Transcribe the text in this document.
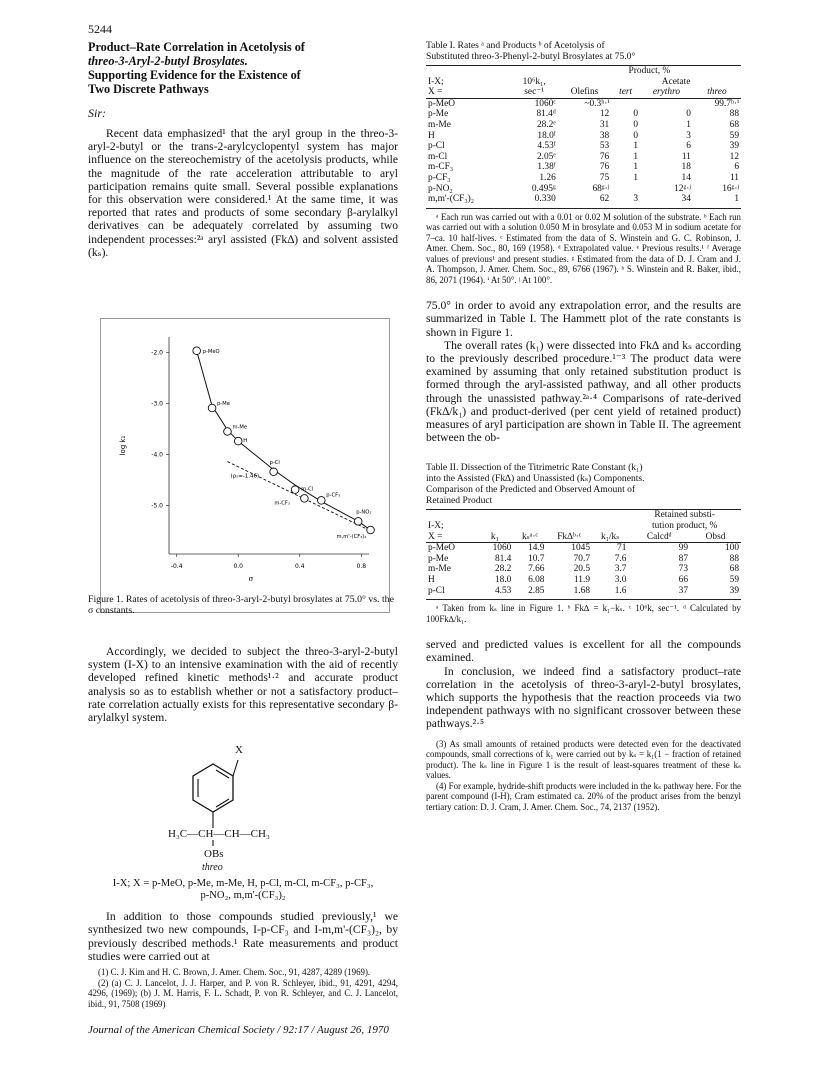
5244
Product–Rate Correlation in Acetolysis of
threo-3-Aryl-2-butyl Brosylates.
Supporting Evidence for the Existence of
Two Discrete Pathways
Sir:

Recent data emphasized¹ that the aryl group in the threo-3-aryl-2-butyl or the trans-2-arylcyclopentyl system has major influence on the stereochemistry of the acetolysis products, while the magnitude of the rate acceleration attributable to aryl participation remains quite small. Several possible explanations for this observation were considered.¹ At the same time, it was reported that rates and products of some secondary β-arylalkyl derivatives can be adequately correlated by assuming two independent processes:²ᵃ aryl assisted (Fk∆) and solvent assisted (kₛ).

-0.4	0.0	0.4	0.8
-2.0
-3.0
-4.0
-5.0
log k₁
σ
(ρₛ=-1.46)
p-MeO
p-Me
m-Me
H
p-Cl
m-Cl
p-CF₃
m-CF₃
p-NO₂
m,m'-(CF₃)₂
Figure 1. Rates of acetolysis of threo-3-aryl-2-butyl brosylates at 75.0° vs. the σ constants.

Accordingly, we decided to subject the threo-3-aryl-2-butyl system (I-X) to an intensive examination with the aid of recently developed refined kinetic methods¹·² and accurate product analysis so as to establish whether or not a satisfactory product–rate correlation actually exists for this representative secondary β-arylalkyl system.

X
H₃C—CH—CH—CH₃
OBs
threo
I-X; X = p-MeO, p-Me, m-Me, H, p-Cl, m-Cl, m-CF₃, p-CF₃,
p-NO₂, m,m'-(CF₃)₂

In addition to those compounds studied previously,¹ we synthesized two new compounds, I-p-CF₃ and I-m,m'-(CF₃)₂, by previously described methods.¹ Rate measurements and product studies were carried out at

(1) C. J. Kim and H. C. Brown, J. Amer. Chem. Soc., 91, 4287, 4289 (1969).

(2) (a) C. J. Lancelot, J. J. Harper, and P. von R. Schleyer, ibid., 91, 4291, 4294, 4296, (1969); (b) J. M. Harris, F. L. Schadt, P. von R. Schleyer, and C. J. Lancelot, ibid., 91, 7508 (1969)

Table I. Rates ᵃ and Products ᵇ of Acetolysis of
Substituted threo-3-Phenyl-2-butyl Brosylates at 75.0°
		Product, %			
I-X;	10⁶k₁,		Acetate		
X =	sec⁻¹	Olefins	tert	erythro	threo
p-MeO	1060ᶜ	~0.3ʰ·ⁱ			99.7ʰ·ⁱ
p-Me	81.4ᵈ	12	0	0	88
m-Me	28.2ᵉ	31	0	1	68
H	18.0ᶠ	38	0	3	59
p-Cl	4.53ᶠ	53	1	6	39
m-Cl	2.05ᵉ	76	1	11	12
m-CF₃	1.38ᶠ	76	1	18	6
p-CF₃	1.26	75	1	14	11
p-NO₂	0.495ᵍ	68ᵍ·ʲ		12ᵍ·ʲ	16ᵍ·ʲ
m,m'-(CF₃)₂	0.330	62	3	34	1

ᵃ Each run was carried out with a 0.01 or 0.02 M solution of the substrate. ᵇ Each run was carried out with a solution 0.050 M in brosylate and 0.053 M in sodium acetate for 7–ca. 10 half-lives. ᶜ Estimated from the data of S. Winstein and G. C. Robinson, J. Amer. Chem. Soc., 80, 169 (1958). ᵈ Extrapolated value. ᵉ Previous results.¹ ᶠ Average values of previous¹ and present studies. ᵍ Estimated from the data of D. J. Cram and J. A. Thompson, J. Amer. Chem. Soc., 89, 6766 (1967). ʰ S. Winstein and R. Baker, ibid., 86, 2071 (1964). ⁱ At 50°. ʲ At 100°.

75.0° in order to avoid any extrapolation error, and the results are summarized in Table I. The Hammett plot of the rate constants is shown in Figure 1.

The overall rates (k₁) were dissected into Fk∆ and kₛ according to the previously described procedure.¹⁻³ The product data were examined by assuming that only retained substitution product is formed through the aryl-assisted pathway, and all other products through the unassisted pathway.²ᵃ·⁴ Comparisons of rate-derived (Fk∆/k₁) and product-derived (per cent yield of retained product) measures of aryl participation are shown in Table II. The agreement between the ob-

Table II. Dissection of the Titrimetric Rate Constant (k₁)
into the Assisted (Fk∆) and Unassisted (kₛ) Components.
Comparison of the Predicted and Observed Amount of
Retained Product
					Retained substi-	
I-X;					tution product, %	
X =	k₁	kₛᵃ·ᶜ	Fk∆ᵇ·ᶜ	k₁/kₛ	Calcdᵈ	Obsd
p-MeO	1060	14.9	1045	71	99	100
p-Me	81.4	10.7	70.7	7.6	87	88
m-Me	28.2	7.66	20.5	3.7	73	68
H	18.0	6.08	11.9	3.0	66	59
p-Cl	4.53	2.85	1.68	1.6	37	39

ᵃ Taken from kₛ line in Figure 1. ᵇ Fk∆ = k₁−kₛ. ᶜ 10⁶k, sec⁻¹. ᵈ Calculated by 100Fk∆/k₁.

served and predicted values is excellent for all the compounds examined.

In conclusion, we indeed find a satisfactory product–rate correlation in the acetolysis of threo-3-aryl-2-butyl brosylates, which supports the hypothesis that the reaction proceeds via two independent pathways with no significant crossover between these pathways.²·⁵

(3) As small amounts of retained products were detected even for the deactivated compounds, small corrections of k₁ were carried out by kₛ = k₁(1 − fraction of retained product). The kₛ line in Figure 1 is the result of least-squares treatment of these kₛ values.

(4) For example, hydride-shift products were included in the kₛ pathway here. For the parent compound (I-H), Cram estimated ca. 20% of the product arises from the benzyl tertiary cation: D. J. Cram, J. Amer. Chem. Soc., 74, 2137 (1952).

Journal of the American Chemical Society / 92:17 / August 26, 1970
